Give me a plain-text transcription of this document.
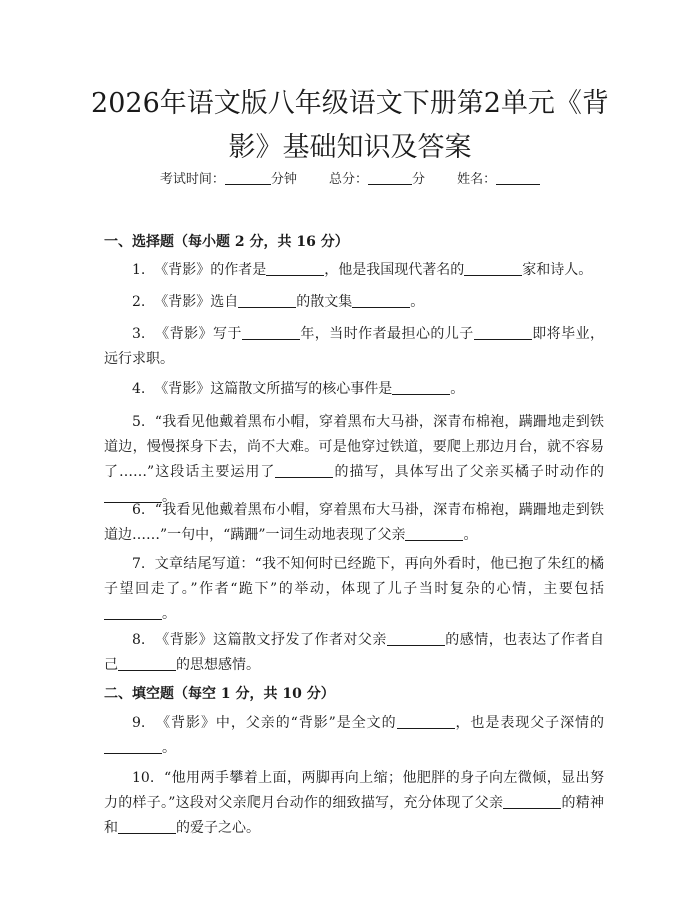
2026年语文版八年级语文下册第2单元《背影》基础知识及答案
考试时间：	分钟 总分：	分 姓名：
一、选择题（每小题 2 分，共 16 分）
1. 《背影》的作者是	，他是我国现代著名的	家和诗人。
2. 《背影》选自	的散文集	。
3. 《背影》写于	年，当时作者最担心的儿子	即将毕业，远行求职。
4. 《背影》这篇散文所描写的核心事件是	。
5. “我看见他戴着黑布小帽，穿着黑布大马褂，深青布棉袍，蹒跚地走到铁道边，慢慢探身下去，尚不大难。可是他穿过铁道，要爬上那边月台，就不容易了……”这段话主要运用了	的描写，具体写出了父亲买橘子时动作的。
6. “我看见他戴着黑布小帽，穿着黑布大马褂，深青布棉袍，蹒跚地走到铁道边……”一句中，“蹒跚”一词生动地表现了父亲	。
7. 文章结尾写道：“我不知何时已经跪下，再向外看时，他已抱了朱红的橘子望回走了。”作者“跪下”的举动，体现了儿子当时复杂的心情，主要包括。
8. 《背影》这篇散文抒发了作者对父亲	的感情，也表达了作者自己	的思想感情。
二、填空题（每空 1 分，共 10 分）
9. 《背影》中，父亲的“背影”是全文的	，也是表现父子深情的。
10. “他用两手攀着上面，两脚再向上缩；他肥胖的身子向左微倾，显出努力的样子。”这段对父亲爬月台动作的细致描写，充分体现了父亲	的精神和	的爱子之心。
